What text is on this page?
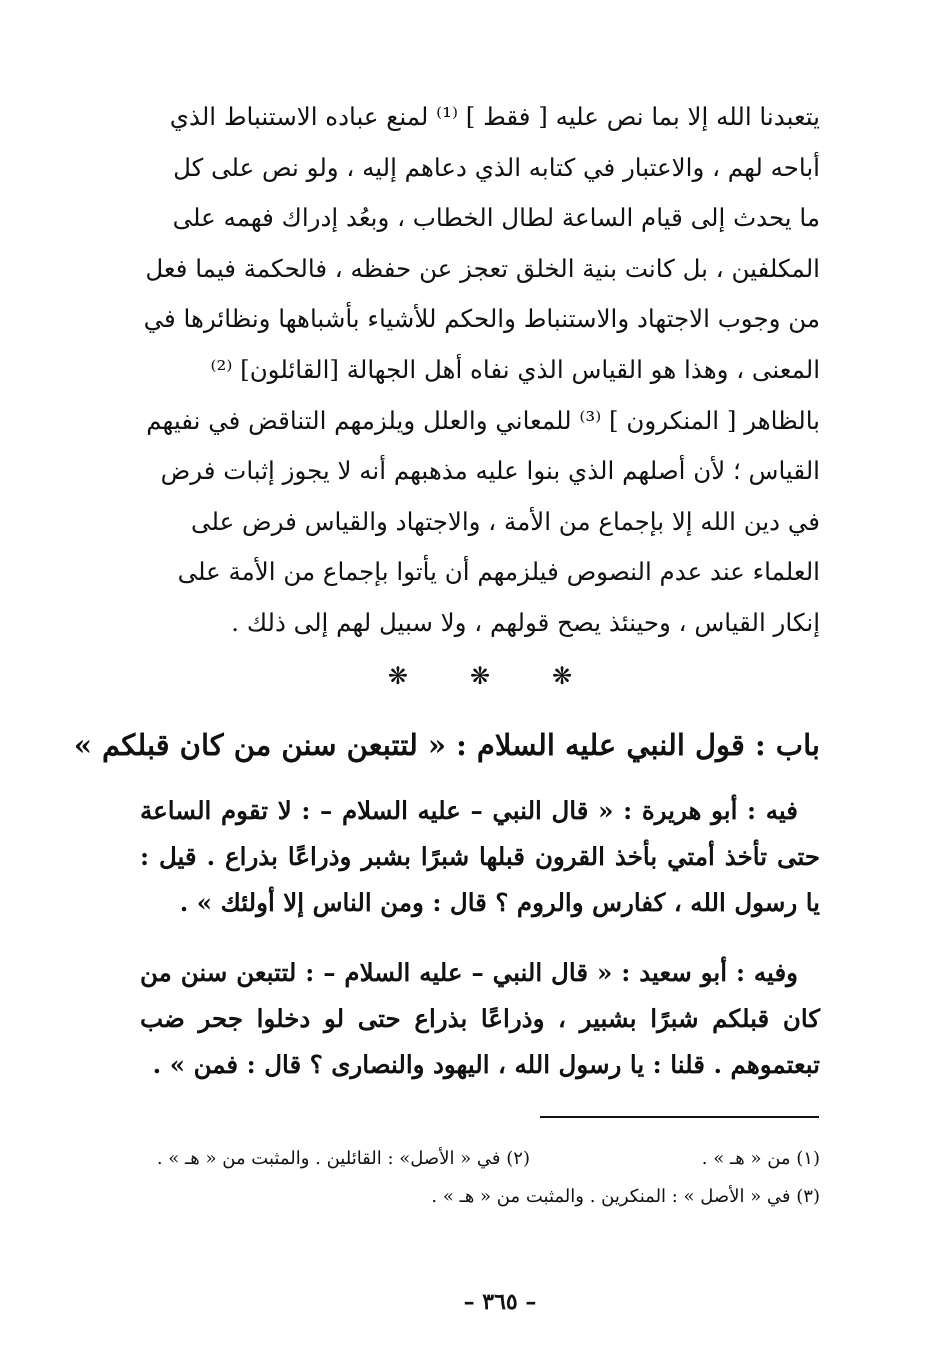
يتعبدنا الله إلا بما نص عليه [ فقط ] ⁽¹⁾ لمنع عباده الاستنباط الذي

أباحه لهم ، والاعتبار في كتابه الذي دعاهم إليه ، ولو نص على كل

ما يحدث إلى قيام الساعة لطال الخطاب ، وبعُد إدراك فهمه على

المكلفين ، بل كانت بنية الخلق تعجز عن حفظه ، فالحكمة فيما فعل

من وجوب الاجتهاد والاستنباط والحكم للأشياء بأشباهها ونظائرها في

المعنى ، وهذا هو القياس الذي نفاه أهل الجهالة [القائلون] ⁽²⁾

بالظاهر [ المنكرون ] ⁽³⁾ للمعاني والعلل ويلزمهم التناقض في نفيهم

القياس ؛ لأن أصلهم الذي بنوا عليه مذهبهم أنه لا يجوز إثبات فرض

في دين الله إلا بإجماع من الأمة ، والاجتهاد والقياس فرض على

العلماء عند عدم النصوص فيلزمهم أن يأتوا بإجماع من الأمة على

إنكار القياس ، وحينئذ يصح قولهم ، ولا سبيل لهم إلى ذلك .

❋	❋	❋
باب : قول النبي عليه السلام : « لتتبعن سنن من كان قبلكم »

فيه : أبو هريرة : « قال النبي – عليه السلام – : لا تقوم الساعة حتى تأخذ أمتي بأخذ القرون قبلها شبرًا بشبر وذراعًا بذراع . قيل : يا رسول الله ، كفارس والروم ؟ قال : ومن الناس إلا أولئك » .

وفيه : أبو سعيد : « قال النبي – عليه السلام – : لتتبعن سنن من كان قبلكم شبرًا بشبير ، وذراعًا بذراع حتى لو دخلوا جحر ضب تبعتموهم . قلنا : يا رسول الله ، اليهود والنصارى ؟ قال : فمن » .

(١) من « هـ » .
(٢) في « الأصل» : القائلين . والمثبت من « هـ » .
(٣) في « الأصل » : المنكرين . والمثبت من « هـ » .
– ٣٦٥ –
